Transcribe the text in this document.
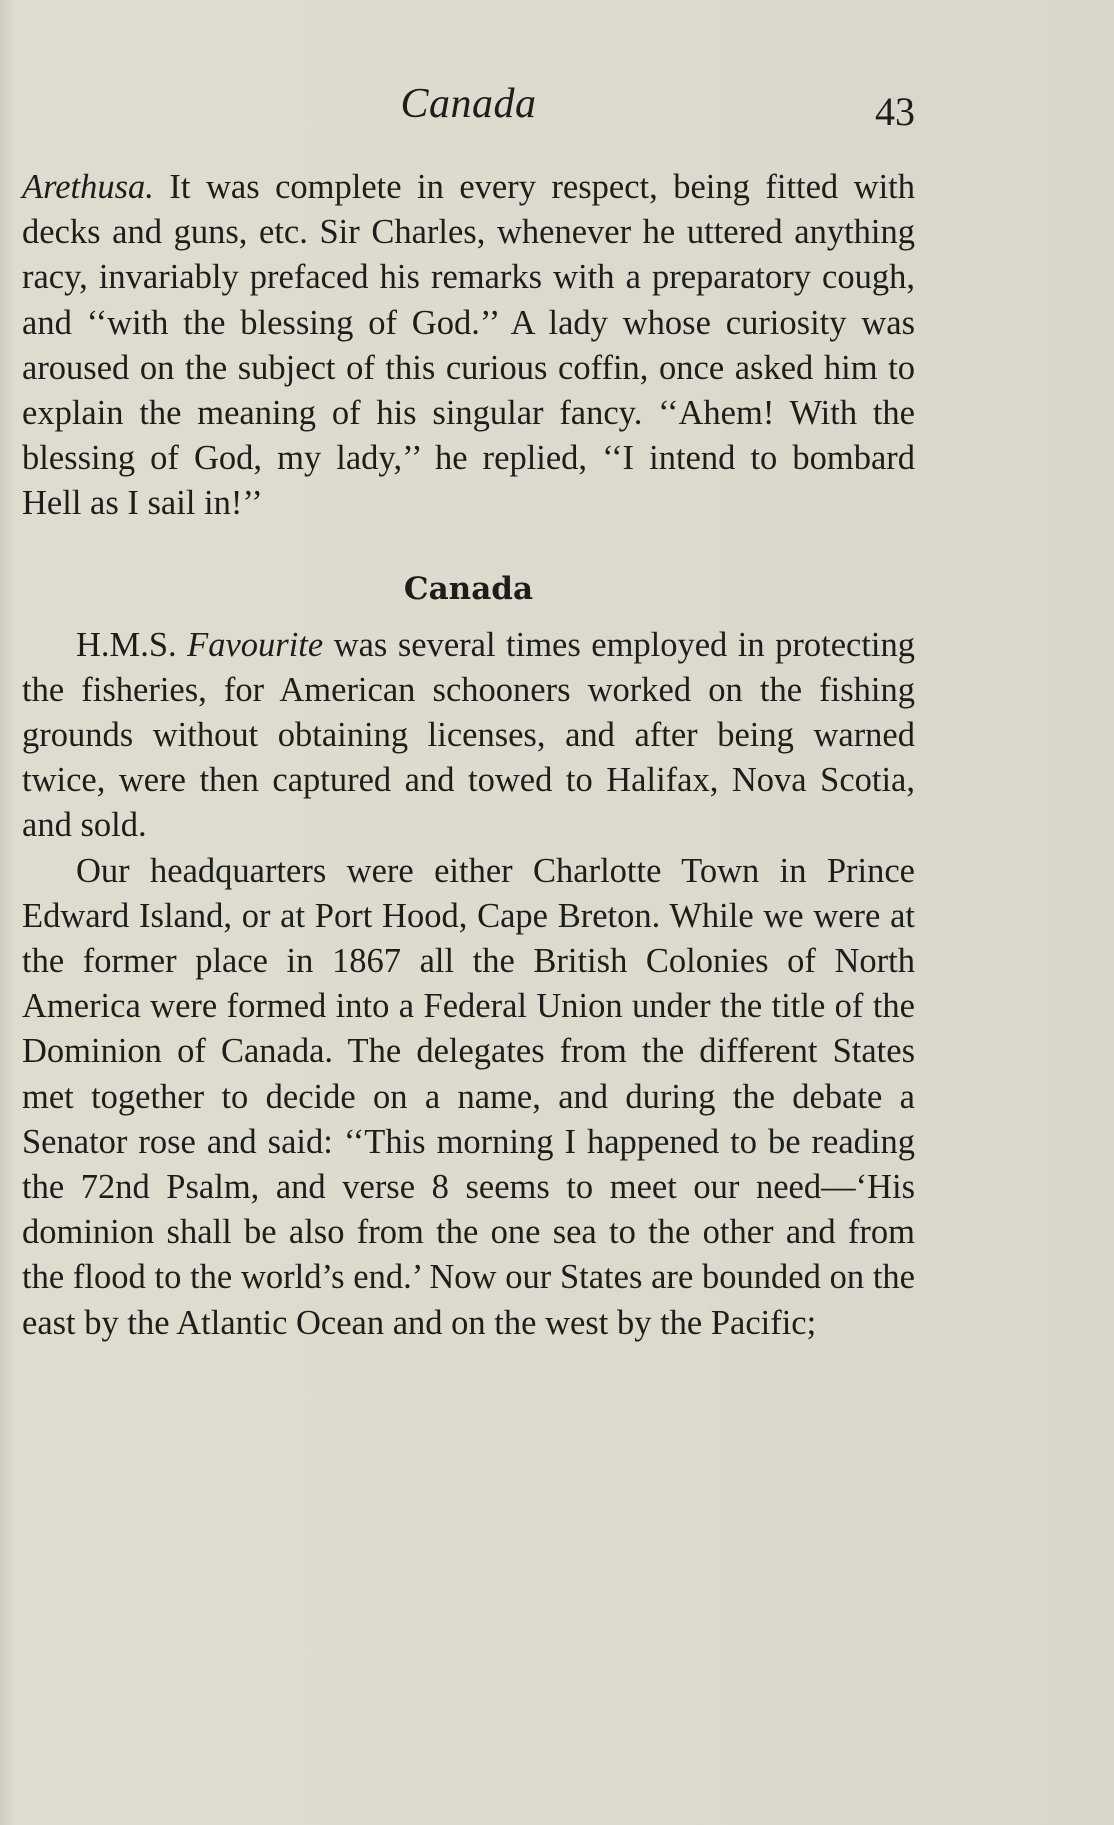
Canada	43

Arethusa. It was complete in every respect, being fitted with decks and guns, etc. Sir Charles, whenever he uttered anything racy, invariably prefaced his remarks with a preparatory cough, and ‘‘with the blessing of God.’’ A lady whose curiosity was aroused on the subject of this curious coffin, once asked him to explain the meaning of his singular fancy. ‘‘Ahem! With the blessing of God, my lady,’’ he replied, ‘‘I intend to bombard Hell as I sail in!’’

Canada

H.M.S. Favourite was several times employed in protecting the fisheries, for American schooners worked on the fishing grounds without obtaining licenses, and after being warned twice, were then captured and towed to Halifax, Nova Scotia, and sold.

Our headquarters were either Charlotte Town in Prince Edward Island, or at Port Hood, Cape Breton. While we were at the former place in 1867 all the British Colonies of North America were formed into a Federal Union under the title of the Dominion of Canada. The delegates from the different States met together to decide on a name, and during the debate a Senator rose and said: ‘‘This morning I happened to be reading the 72nd Psalm, and verse 8 seems to meet our need—‘His dominion shall be also from the one sea to the other and from the flood to the world’s end.’ Now our States are bounded on the east by the Atlantic Ocean and on the west by the Pacific;
